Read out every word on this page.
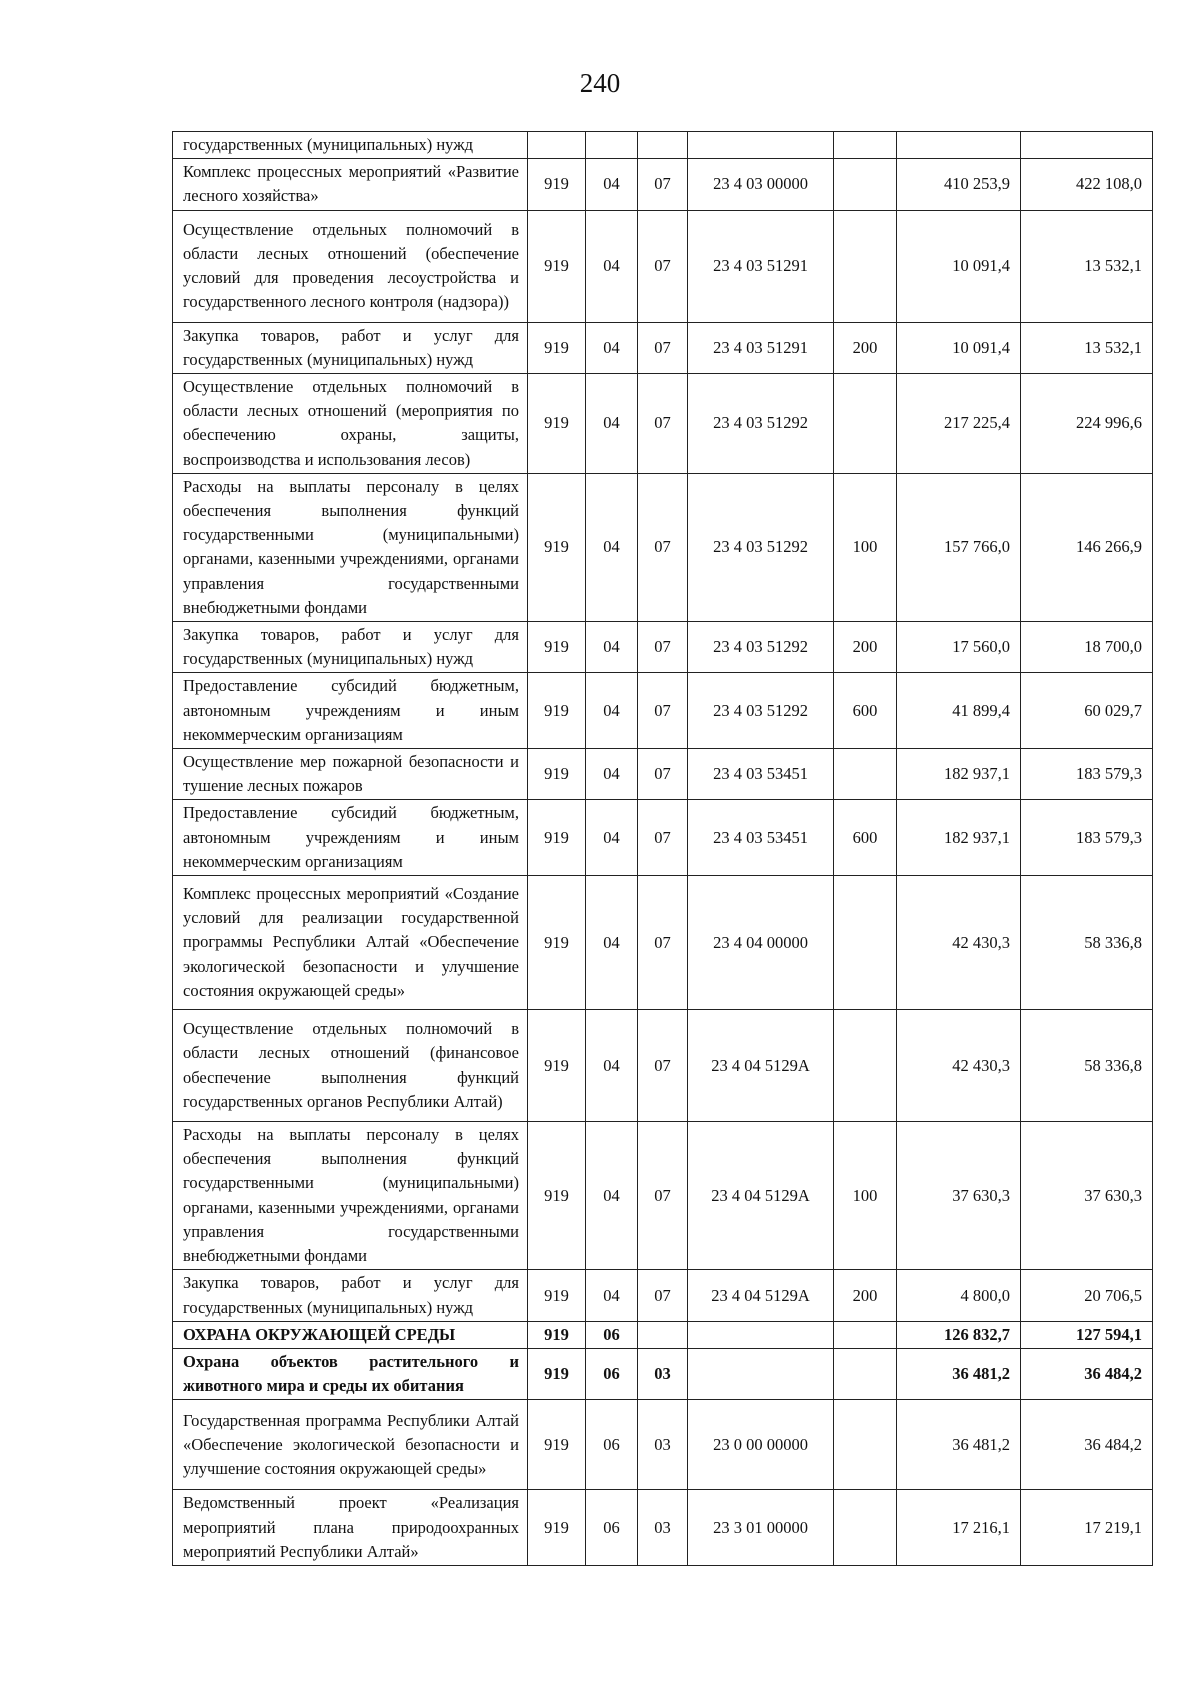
240
государственных (муниципальных) нужд							
Комплекс процессных мероприятий «Развитие лесного хозяйства»	919	04	07	23 4 03 00000		410 253,9	422 108,0
Осуществление отдельных полномочий в области лесных отношений (обеспечение условий для проведения лесоустройства и государственного лесного контроля (надзора))	919	04	07	23 4 03 51291		10 091,4	13 532,1
Закупка товаров, работ и услуг для государственных (муниципальных) нужд	919	04	07	23 4 03 51291	200	10 091,4	13 532,1
Осуществление отдельных полномочий в области лесных отношений (мероприятия по обеспечению охраны, защиты, воспроизводства и использования лесов)	919	04	07	23 4 03 51292		217 225,4	224 996,6
Расходы на выплаты персоналу в целях обеспечения выполнения функций государственными (муниципальными) органами, казенными учреждениями, органами управления государственными внебюджетными фондами	919	04	07	23 4 03 51292	100	157 766,0	146 266,9
Закупка товаров, работ и услуг для государственных (муниципальных) нужд	919	04	07	23 4 03 51292	200	17 560,0	18 700,0
Предоставление субсидий бюджетным, автономным учреждениям и иным некоммерческим организациям	919	04	07	23 4 03 51292	600	41 899,4	60 029,7
Осуществление мер пожарной безопасности и тушение лесных пожаров	919	04	07	23 4 03 53451		182 937,1	183 579,3
Предоставление субсидий бюджетным, автономным учреждениям и иным некоммерческим организациям	919	04	07	23 4 03 53451	600	182 937,1	183 579,3
Комплекс процессных мероприятий «Создание условий для реализации государственной программы Республики Алтай «Обеспечение экологической безопасности и улучшение состояния окружающей среды»	919	04	07	23 4 04 00000		42 430,3	58 336,8
Осуществление отдельных полномочий в области лесных отношений (финансовое обеспечение выполнения функций государственных органов Республики Алтай)	919	04	07	23 4 04 5129А		42 430,3	58 336,8
Расходы на выплаты персоналу в целях обеспечения выполнения функций государственными (муниципальными) органами, казенными учреждениями, органами управления государственными внебюджетными фондами	919	04	07	23 4 04 5129А	100	37 630,3	37 630,3
Закупка товаров, работ и услуг для государственных (муниципальных) нужд	919	04	07	23 4 04 5129А	200	4 800,0	20 706,5
ОХРАНА ОКРУЖАЮЩЕЙ СРЕДЫ	919	06				126 832,7	127 594,1
Охрана объектов растительного и животного мира и среды их обитания	919	06	03			36 481,2	36 484,2
Государственная программа Республики Алтай «Обеспечение экологической безопасности и улучшение состояния окружающей среды»	919	06	03	23 0 00 00000		36 481,2	36 484,2
Ведомственный проект «Реализация мероприятий плана природоохранных мероприятий Республики Алтай»	919	06	03	23 3 01 00000		17 216,1	17 219,1
